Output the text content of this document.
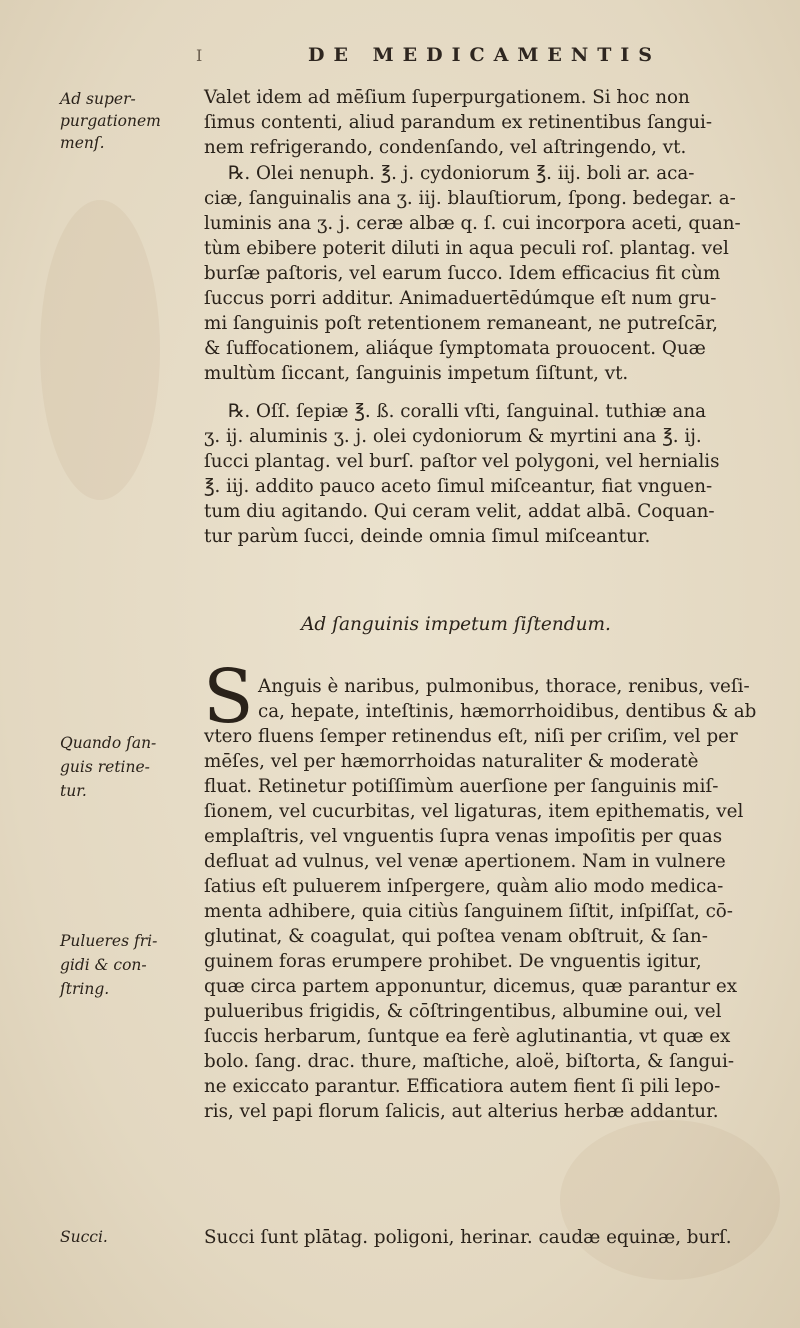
I	DE MEDICAMENTIS
Ad super-
purgationem
menſ.
Quando ſan-
guis retine-
tur.
Pulueres fri-
gidi & con-
ſtring.
Succi.
Valet idem ad mēſium ſuperpurgationem. Si hoc non
ſimus contenti, aliud parandum ex retinentibus ſangui-
nem refrigerando, condenſando, vel aſtringendo, vt.
℞. Olei nenuph. ℥. j. cydoniorum ℥. iij. boli ar. aca-
ciæ, ſanguinalis ana ʒ. iij. blauſtiorum, ſpong. bedegar. a-
luminis ana ʒ. j. ceræ albæ q. ſ. cui incorpora aceti, quan-
tùm ebibere poterit diluti in aqua peculi roſ. plantag. vel
burſæ paſtoris, vel earum ſucco. Idem efficacius fit cùm
ſuccus porri additur. Animaduertēdúmque eſt num gru-
mi ſanguinis poſt retentionem remaneant, ne putreſcār,
& ſuffocationem, aliáque ſymptomata prouocent. Quæ
multùm ſiccant, ſanguinis impetum ſiſtunt, vt.
℞. Oſſ. ſepiæ ℥. ß. coralli vſti, ſanguinal. tuthiæ ana
ʒ. ij. aluminis ʒ. j. olei cydoniorum & myrtini ana ℥. ij.
ſucci plantag. vel burſ. paſtor vel polygoni, vel hernialis
℥. iij. addito pauco aceto ſimul miſceantur, fiat vnguen-
tum diu agitando. Qui ceram velit, addat albā. Coquan-
tur parùm ſucci, deinde omnia ſimul miſceantur.
Ad ſanguinis impetum ſiſtendum.
S Anguis è naribus, pulmonibus, thorace, renibus, veſi-
ca, hepate, inteſtinis, hæmorrhoidibus, dentibus & ab
vtero fluens ſemper retinendus eſt, niſi per criſim, vel per
mēſes, vel per hæmorrhoidas naturaliter & moderatè
fluat. Retinetur potiſſimùm auerſione per ſanguinis miſ-
ſionem, vel cucurbitas, vel ligaturas, item epithematis, vel
emplaſtris, vel vnguentis ſupra venas impoſitis per quas
defluat ad vulnus, vel venæ apertionem. Nam in vulnere
ſatius eſt puluerem inſpergere, quàm alio modo medica-
menta adhibere, quia citiùs ſanguinem ſiſtit, inſpiſſat, cō-
glutinat, & coagulat, qui poſtea venam obſtruit, & ſan-
guinem foras erumpere prohibet. De vnguentis igitur,
quæ circa partem apponuntur, dicemus, quæ parantur ex
pulueribus frigidis, & cōſtringentibus, albumine oui, vel
ſuccis herbarum, ſuntque ea ferè aglutinantia, vt quæ ex
bolo. ſang. drac. thure, maſtiche, aloë, biſtorta, & ſangui-
ne exiccato parantur. Efficatiora autem fient ſi pili lepo-
ris, vel papi florum ſalicis, aut alterius herbæ addantur.
Succi ſunt plātag. poligoni, herinar. caudæ equinæ, burſ.
